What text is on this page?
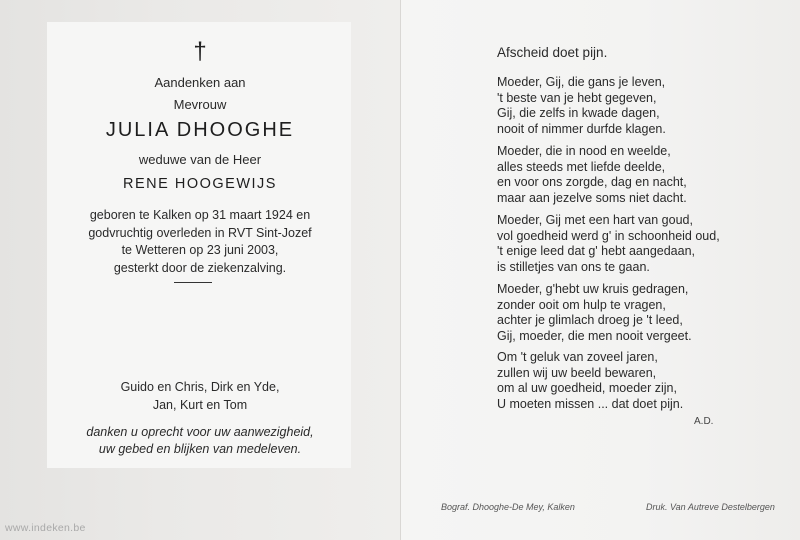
†
Aandenken aan
Mevrouw
JULIA DHOOGHE
weduwe van de Heer
RENE HOOGEWIJS
geboren te Kalken op 31 maart 1924 en
godvruchtig overleden in RVT Sint-Jozef
te Wetteren op 23 juni 2003,
gesterkt door de ziekenzalving.
Guido en Chris, Dirk en Yde,
Jan, Kurt en Tom
danken u oprecht voor uw aanwezigheid,
uw gebed en blijken van medeleven.
Afscheid doet pijn.
Moeder, Gij, die gans je leven,
't beste van je hebt gegeven,
Gij, die zelfs in kwade dagen,
nooit of nimmer durfde klagen.
Moeder, die in nood en weelde,
alles steeds met liefde deelde,
en voor ons zorgde, dag en nacht,
maar aan jezelve soms niet dacht.
Moeder, Gij met een hart van goud,
vol goedheid werd g' in schoonheid oud,
't enige leed dat g' hebt aangedaan,
is stilletjes van ons te gaan.
Moeder, g'hebt uw kruis gedragen,
zonder ooit om hulp te vragen,
achter je glimlach droeg je 't leed,
Gij, moeder, die men nooit vergeet.
Om 't geluk van zoveel jaren,
zullen wij uw beeld bewaren,
om al uw goedheid, moeder zijn,
U moeten missen ... dat doet pijn.
A.D.
Bograf. Dhooghe-De Mey, Kalken	Druk. Van Autreve Destelbergen
www.indeken.be
